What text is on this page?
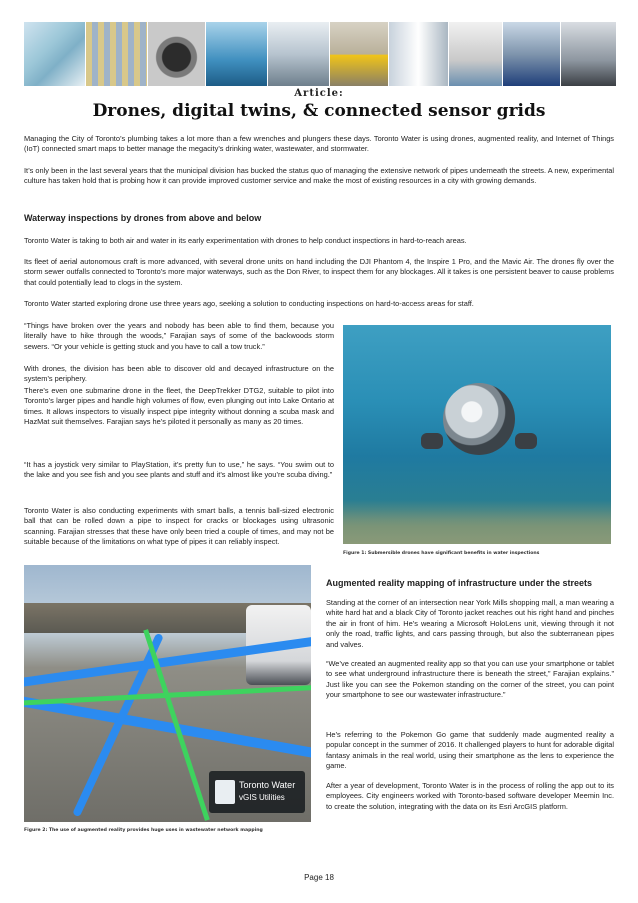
Article:
Drones, digital twins, & connected sensor grids

Managing the City of Toronto’s plumbing takes a lot more than a few wrenches and plungers these days. Toronto Water is using drones, augmented reality, and Internet of Things (IoT) connected smart maps to better manage the megacity’s drinking water, wastewater, and stormwater.

It’s only been in the last several years that the municipal division has bucked the status quo of managing the extensive network of pipes underneath the streets. A new, experimental culture has taken hold that is probing how it can provide improved customer service and make the most of existing resources in a city with growing demands.

Waterway inspections by drones from above and below

Toronto Water is taking to both air and water in its early experimentation with drones to help conduct inspections in hard-to-reach areas.

Its fleet of aerial autonomous craft is more advanced, with several drone units on hand including the DJI Phantom 4, the Inspire 1 Pro, and the Mavic Air. The drones fly over the storm sewer outfalls connected to Toronto’s more major waterways, such as the Don River, to inspect them for any blockages. All it takes is one persistent beaver to cause problems that could potentially lead to clogs in the system.

Toronto Water started exploring drone use three years ago, seeking a solution to conducting inspections on hard-to-access areas for staff.

“Things have broken over the years and nobody has been able to find them, because you literally have to hike through the woods,” Farajian says of some of the backwoods storm sewers. “Or your vehicle is getting stuck and you have to call a tow truck.”

With drones, the division has been able to discover old and decayed infrastructure on the system’s periphery.

There’s even one submarine drone in the fleet, the DeepTrekker DTG2, suitable to pilot into Toronto’s larger pipes and handle high volumes of flow, even plunging out into Lake Ontario at times. It allows inspectors to visually inspect pipe integrity without donning a scuba mask and HazMat suit themselves. Farajian says he’s piloted it personally as many as 20 times.

“It has a joystick very similar to PlayStation, it’s pretty fun to use,” he says. “You swim out to the lake and you see fish and you see plants and stuff and it’s almost like you’re scuba diving.”

Toronto Water is also conducting experiments with smart balls, a tennis ball-sized electronic ball that can be rolled down a pipe to inspect for cracks or blockages using ultrasonic scanning. Farajian stresses that these have only been tried a couple of times, and may not be suitable because of the limitations on what type of pipes it can reliably inspect.

Figure 1: Submersible drones have significant benefits in water inspections
Toronto Water
vGIS Utilities
Figure 2: The use of augmented reality provides huge uses in wastewater network mapping
Augmented reality mapping of infrastructure under the streets

Standing at the corner of an intersection near York Mills shopping mall, a man wearing a white hard hat and a black City of Toronto jacket reaches out his right hand and pinches the air in front of him. He’s wearing a Microsoft HoloLens unit, viewing through it not only the road, traffic lights, and cars passing through, but also the subterranean pipes and valves.

“We’ve created an augmented reality app so that you can use your smartphone or tablet to see what underground infrastructure there is beneath the street,” Farajian explains.” Just like you can see the Pokemon standing on the corner of the street, you can point your smartphone to see our wastewater infrastructure.”

He’s referring to the Pokemon Go game that suddenly made augmented reality a popular concept in the summer of 2016. It challenged players to hunt for adorable digital fantasy animals in the real world, using their smartphone as the lens to experience the game.

After a year of development, Toronto Water is in the process of rolling the app out to its employees. City engineers worked with Toronto-based software developer Meemin Inc. to create the solution, integrating with the data on its Esri ArcGIS platform.

Page 18
